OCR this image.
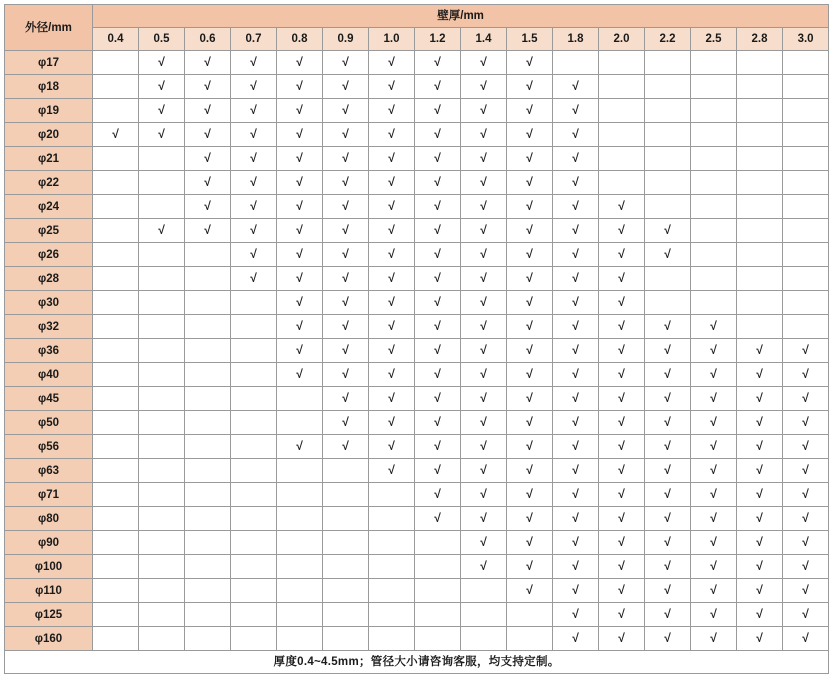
外径/mm	壁厚/mm															
	0.4	0.5	0.6	0.7	0.8	0.9	1.0	1.2	1.4	1.5	1.8	2.0	2.2	2.5	2.8	3.0
φ17		√	√	√	√	√	√	√	√	√						
φ18		√	√	√	√	√	√	√	√	√	√					
φ19		√	√	√	√	√	√	√	√	√	√					
φ20	√	√	√	√	√	√	√	√	√	√	√					
φ21			√	√	√	√	√	√	√	√	√					
φ22			√	√	√	√	√	√	√	√	√					
φ24			√	√	√	√	√	√	√	√	√	√				
φ25		√	√	√	√	√	√	√	√	√	√	√	√			
φ26				√	√	√	√	√	√	√	√	√	√			
φ28				√	√	√	√	√	√	√	√	√				
φ30					√	√	√	√	√	√	√	√				
φ32					√	√	√	√	√	√	√	√	√	√		
φ36					√	√	√	√	√	√	√	√	√	√	√	√
φ40					√	√	√	√	√	√	√	√	√	√	√	√
φ45						√	√	√	√	√	√	√	√	√	√	√
φ50						√	√	√	√	√	√	√	√	√	√	√
φ56					√	√	√	√	√	√	√	√	√	√	√	√
φ63							√	√	√	√	√	√	√	√	√	√
φ71								√	√	√	√	√	√	√	√	√
φ80								√	√	√	√	√	√	√	√	√
φ90									√	√	√	√	√	√	√	√
φ100									√	√	√	√	√	√	√	√
φ110										√	√	√	√	√	√	√
φ125											√	√	√	√	√	√
φ160											√	√	√	√	√	√
厚度0.4~4.5mm；管径大小请咨询客服，均支持定制。																
